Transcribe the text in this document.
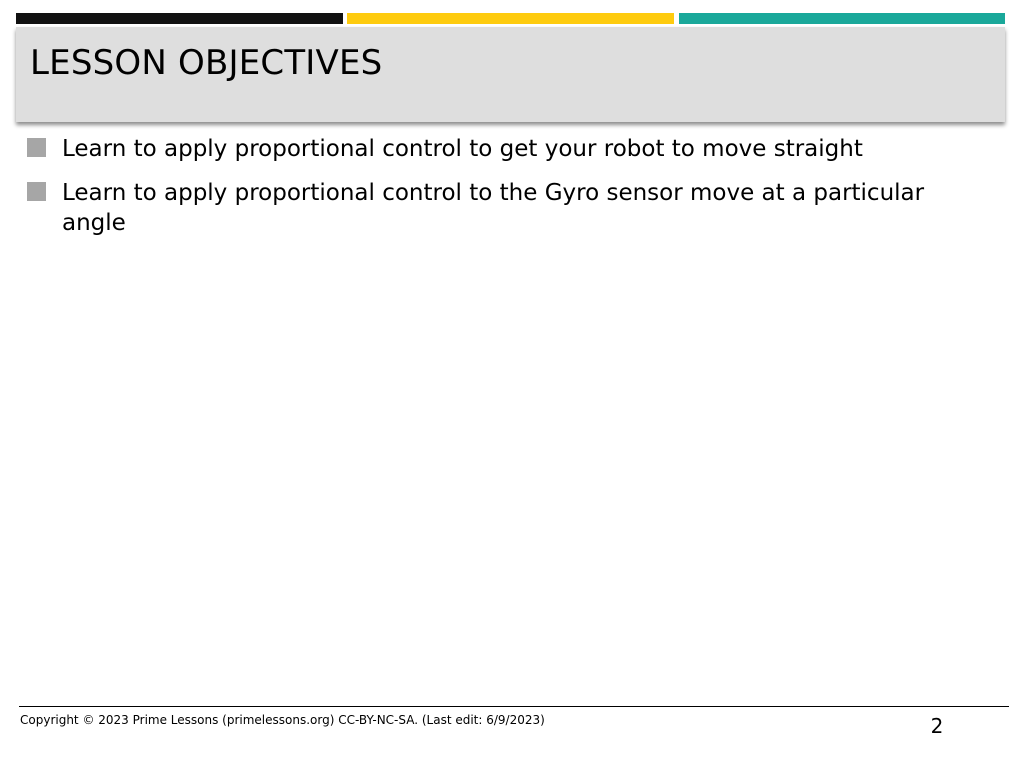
LESSON OBJECTIVES
Learn to apply proportional control to get your robot to move straight
Learn to apply proportional control to the Gyro sensor move at a particular angle
Copyright © 2023 Prime Lessons (primelessons.org) CC-BY-NC-SA. (Last edit: 6/9/2023)	2
